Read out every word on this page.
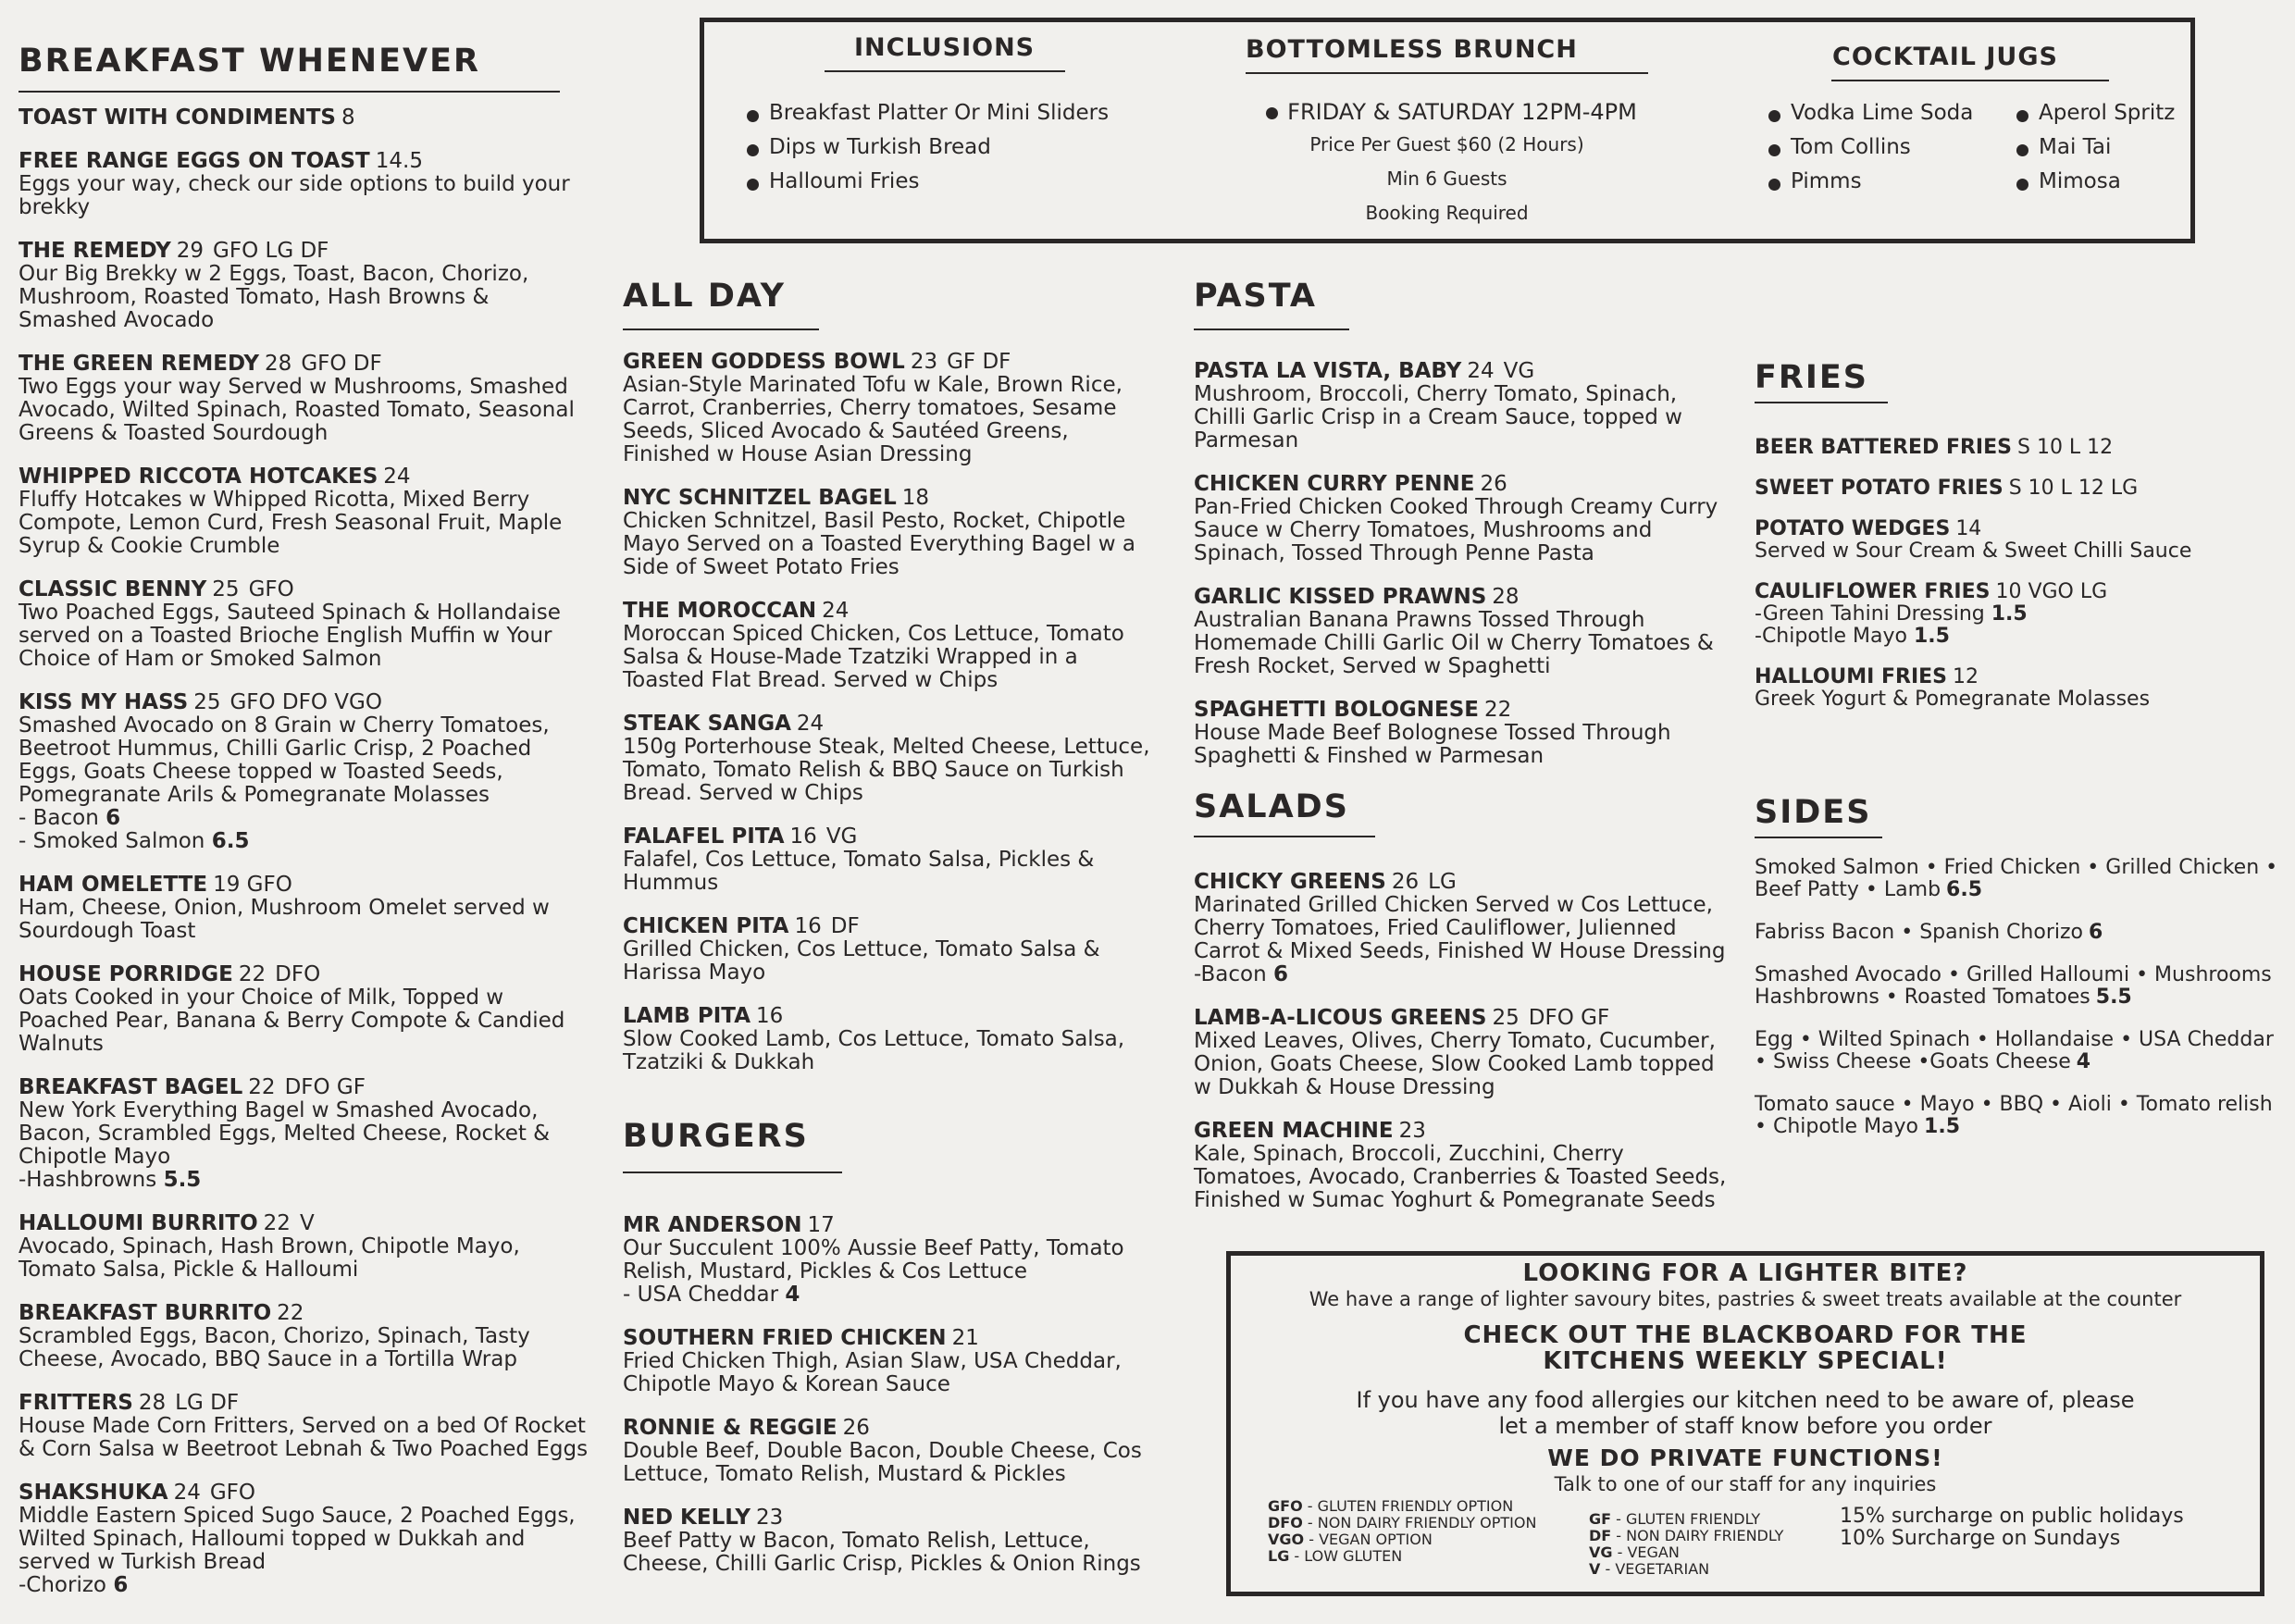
BREAKFAST WHENEVER
TOAST WITH CONDIMENTS 8
FREE RANGE EGGS ON TOAST 14.5
Eggs your way, check our side options to build your brekky
THE REMEDY 29 GFO LG DF
Our Big Brekky w 2 Eggs, Toast, Bacon, Chorizo, Mushroom, Roasted Tomato, Hash Browns & Smashed Avocado
THE GREEN REMEDY 28 GFO DF
Two Eggs your way Served w Mushrooms, Smashed Avocado, Wilted Spinach, Roasted Tomato, Seasonal Greens & Toasted Sourdough
WHIPPED RICCOTA HOTCAKES 24
Fluffy Hotcakes w Whipped Ricotta, Mixed Berry Compote, Lemon Curd, Fresh Seasonal Fruit, Maple Syrup & Cookie Crumble
CLASSIC BENNY 25 GFO
Two Poached Eggs, Sauteed Spinach & Hollandaise served on a Toasted Brioche English Muffin w Your Choice of Ham or Smoked Salmon
KISS MY HASS 25 GFO DFO VGO
Smashed Avocado on 8 Grain w Cherry Tomatoes, Beetroot Hummus, Chilli Garlic Crisp, 2 Poached Eggs, Goats Cheese topped w Toasted Seeds, Pomegranate Arils & Pomegranate Molasses
- Bacon 6
- Smoked Salmon 6.5
HAM OMELETTE 19 GFO
Ham, Cheese, Onion, Mushroom Omelet served w Sourdough Toast
HOUSE PORRIDGE 22 DFO
Oats Cooked in your Choice of Milk, Topped w Poached Pear, Banana & Berry Compote & Candied Walnuts
BREAKFAST BAGEL 22 DFO GF
New York Everything Bagel w Smashed Avocado, Bacon, Scrambled Eggs, Melted Cheese, Rocket & Chipotle Mayo
-Hashbrowns 5.5
HALLOUMI BURRITO 22 V
Avocado, Spinach, Hash Brown, Chipotle Mayo, Tomato Salsa, Pickle & Halloumi
BREAKFAST BURRITO 22
Scrambled Eggs, Bacon, Chorizo, Spinach, Tasty Cheese, Avocado, BBQ Sauce in a Tortilla Wrap
FRITTERS 28 LG DF
House Made Corn Fritters, Served on a bed Of Rocket & Corn Salsa w Beetroot Lebnah & Two Poached Eggs
SHAKSHUKA 24 GFO
Middle Eastern Spiced Sugo Sauce, 2 Poached Eggs, Wilted Spinach, Halloumi topped w Dukkah and served w Turkish Bread
-Chorizo 6
INCLUSIONS
Breakfast Platter Or Mini Sliders
Dips w Turkish Bread
Halloumi Fries
BOTTOMLESS BRUNCH
FRIDAY & SATURDAY 12PM-4PM
Price Per Guest $60 (2 Hours)
Min 6 Guests
Booking Required
COCKTAIL JUGS
Vodka Lime Soda
Tom Collins
Pimms
Aperol Spritz
Mai Tai
Mimosa
ALL DAY
GREEN GODDESS BOWL 23 GF DF
Asian-Style Marinated Tofu w Kale, Brown Rice, Carrot, Cranberries, Cherry tomatoes, Sesame Seeds, Sliced Avocado & Sautéed Greens, Finished w House Asian Dressing
NYC SCHNITZEL BAGEL 18
Chicken Schnitzel, Basil Pesto, Rocket, Chipotle Mayo Served on a Toasted Everything Bagel w a Side of Sweet Potato Fries
THE MOROCCAN 24
Moroccan Spiced Chicken, Cos Lettuce, Tomato Salsa & House-Made Tzatziki Wrapped in a Toasted Flat Bread. Served w Chips
STEAK SANGA 24
150g Porterhouse Steak, Melted Cheese, Lettuce, Tomato, Tomato Relish & BBQ Sauce on Turkish Bread. Served w Chips
FALAFEL PITA 16 VG
Falafel, Cos Lettuce, Tomato Salsa, Pickles & Hummus
CHICKEN PITA 16 DF
Grilled Chicken, Cos Lettuce, Tomato Salsa & Harissa Mayo
LAMB PITA 16
Slow Cooked Lamb, Cos Lettuce, Tomato Salsa, Tzatziki & Dukkah
BURGERS
MR ANDERSON 17
Our Succulent 100% Aussie Beef Patty, Tomato Relish, Mustard, Pickles & Cos Lettuce
- USA Cheddar 4
SOUTHERN FRIED CHICKEN 21
Fried Chicken Thigh, Asian Slaw, USA Cheddar, Chipotle Mayo & Korean Sauce
RONNIE & REGGIE 26
Double Beef, Double Bacon, Double Cheese, Cos Lettuce, Tomato Relish, Mustard & Pickles
NED KELLY 23
Beef Patty w Bacon, Tomato Relish, Lettuce, Cheese, Chilli Garlic Crisp, Pickles & Onion Rings
PASTA
PASTA LA VISTA, BABY 24 VG
Mushroom, Broccoli, Cherry Tomato, Spinach, Chilli Garlic Crisp in a Cream Sauce, topped w Parmesan
CHICKEN CURRY PENNE 26
Pan-Fried Chicken Cooked Through Creamy Curry Sauce w Cherry Tomatoes, Mushrooms and Spinach, Tossed Through Penne Pasta
GARLIC KISSED PRAWNS 28
Australian Banana Prawns Tossed Through Homemade Chilli Garlic Oil w Cherry Tomatoes & Fresh Rocket, Served w Spaghetti
SPAGHETTI BOLOGNESE 22
House Made Beef Bolognese Tossed Through Spaghetti & Finshed w Parmesan
SALADS
CHICKY GREENS 26 LG
Marinated Grilled Chicken Served w Cos Lettuce, Cherry Tomatoes, Fried Cauliflower, Julienned Carrot & Mixed Seeds, Finished W House Dressing
-Bacon 6
LAMB-A-LICOUS GREENS 25 DFO GF
Mixed Leaves, Olives, Cherry Tomato, Cucumber, Onion, Goats Cheese, Slow Cooked Lamb topped w Dukkah & House Dressing
GREEN MACHINE 23
Kale, Spinach, Broccoli, Zucchini, Cherry Tomatoes, Avocado, Cranberries & Toasted Seeds, Finished w Sumac Yoghurt & Pomegranate Seeds
FRIES
BEER BATTERED FRIES S 10 L 12
SWEET POTATO FRIES S 10 L 12 LG
POTATO WEDGES 14
Served w Sour Cream & Sweet Chilli Sauce
CAULIFLOWER FRIES 10 VGO LG
-Green Tahini Dressing 1.5
-Chipotle Mayo 1.5
HALLOUMI FRIES 12
Greek Yogurt & Pomegranate Molasses
SIDES
Smoked Salmon • Fried Chicken • Grilled Chicken • Beef Patty • Lamb 6.5
Fabriss Bacon • Spanish Chorizo 6
Smashed Avocado • Grilled Halloumi • Mushrooms Hashbrowns • Roasted Tomatoes 5.5
Egg • Wilted Spinach • Hollandaise • USA Cheddar • Swiss Cheese •Goats Cheese 4
Tomato sauce • Mayo • BBQ • Aioli • Tomato relish • Chipotle Mayo 1.5
LOOKING FOR A LIGHTER BITE?
We have a range of lighter savoury bites, pastries & sweet treats available at the counter
CHECK OUT THE BLACKBOARD FOR THE KITCHENS WEEKLY SPECIAL!
If you have any food allergies our kitchen need to be aware of, please let a member of staff know before you order
WE DO PRIVATE FUNCTIONS!
Talk to one of our staff for any inquiries
GFO - GLUTEN FRIENDLY OPTION
DFO - NON DAIRY FRIENDLY OPTION
VGO - VEGAN OPTION
LG - LOW GLUTEN
GF - GLUTEN FRIENDLY
DF - NON DAIRY FRIENDLY
VG - VEGAN
V - VEGETARIAN
15% surcharge on public holidays
10% Surcharge on Sundays
